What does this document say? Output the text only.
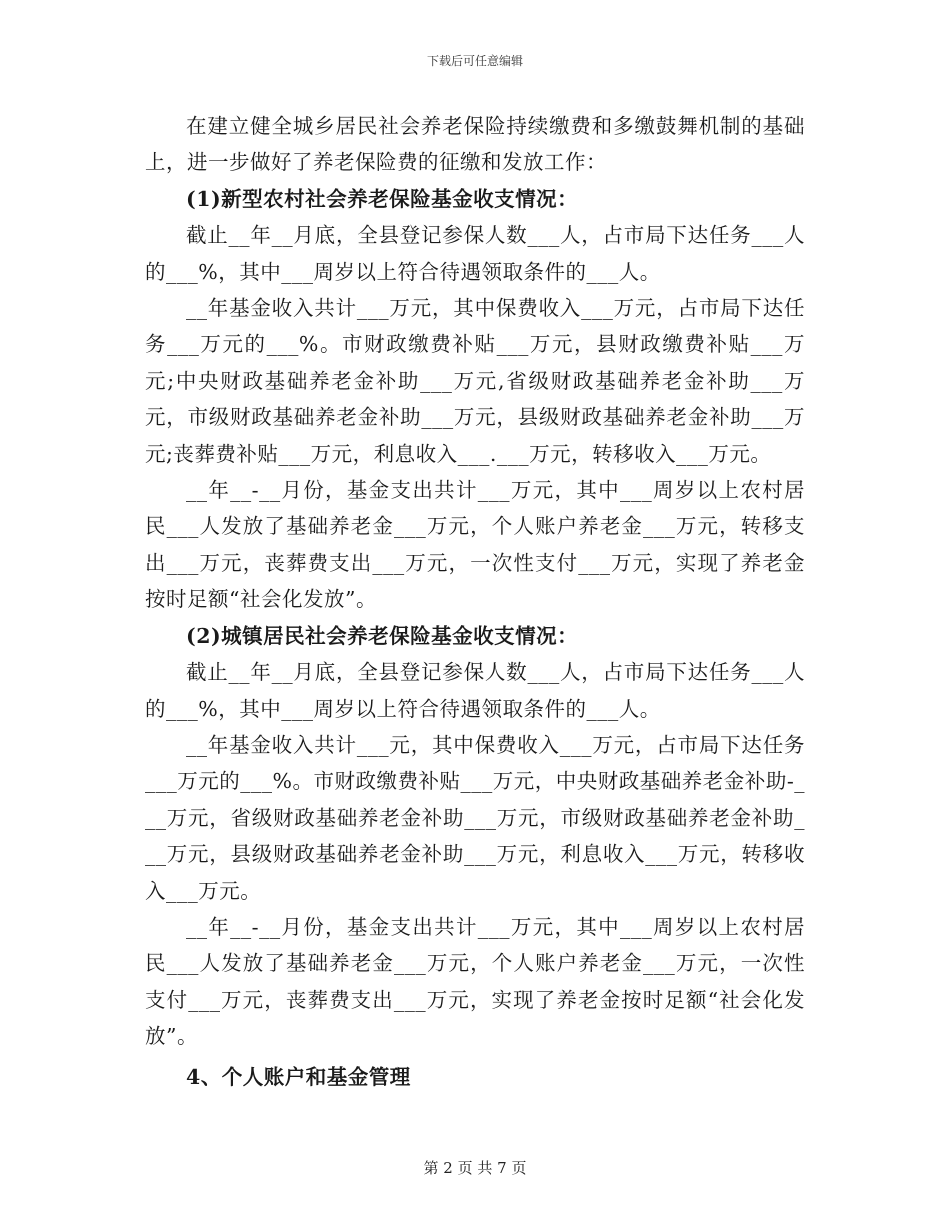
下载后可任意编辑

在建立健全城乡居民社会养老保险持续缴费和多缴鼓舞机制的基础上，进一步做好了养老保险费的征缴和发放工作：

(1)新型农村社会养老保险基金收支情况：

截止__年__月底，全县登记参保人数___人，占市局下达任务___人的___%，其中___周岁以上符合待遇领取条件的___人。

__年基金收入共计___万元，其中保费收入___万元，占市局下达任务___万元的___%。市财政缴费补贴___万元，县财政缴费补贴___万元;中央财政基础养老金补助___万元,省级财政基础养老金补助___万元，市级财政基础养老金补助___万元，县级财政基础养老金补助___万元;丧葬费补贴___万元，利息收入___.___万元，转移收入___万元。

__年__-__月份，基金支出共计___万元，其中___周岁以上农村居民___人发放了基础养老金___万元，个人账户养老金___万元，转移支出___万元，丧葬费支出___万元，一次性支付___万元，实现了养老金按时足额“社会化发放”。

(2)城镇居民社会养老保险基金收支情况：

截止__年__月底，全县登记参保人数___人，占市局下达任务___人的___%，其中___周岁以上符合待遇领取条件的___人。

__年基金收入共计___元，其中保费收入___万元，占市局下达任务___万元的___%。市财政缴费补贴___万元，中央财政基础养老金补助-___万元，省级财政基础养老金补助___万元，市级财政基础养老金补助___万元，县级财政基础养老金补助___万元，利息收入___万元，转移收入___万元。

__年__-__月份，基金支出共计___万元，其中___周岁以上农村居民___人发放了基础养老金___万元，个人账户养老金___万元，一次性支付___万元，丧葬费支出___万元，实现了养老金按时足额“社会化发放”。

4、个人账户和基金管理

第 2 页 共 7 页
